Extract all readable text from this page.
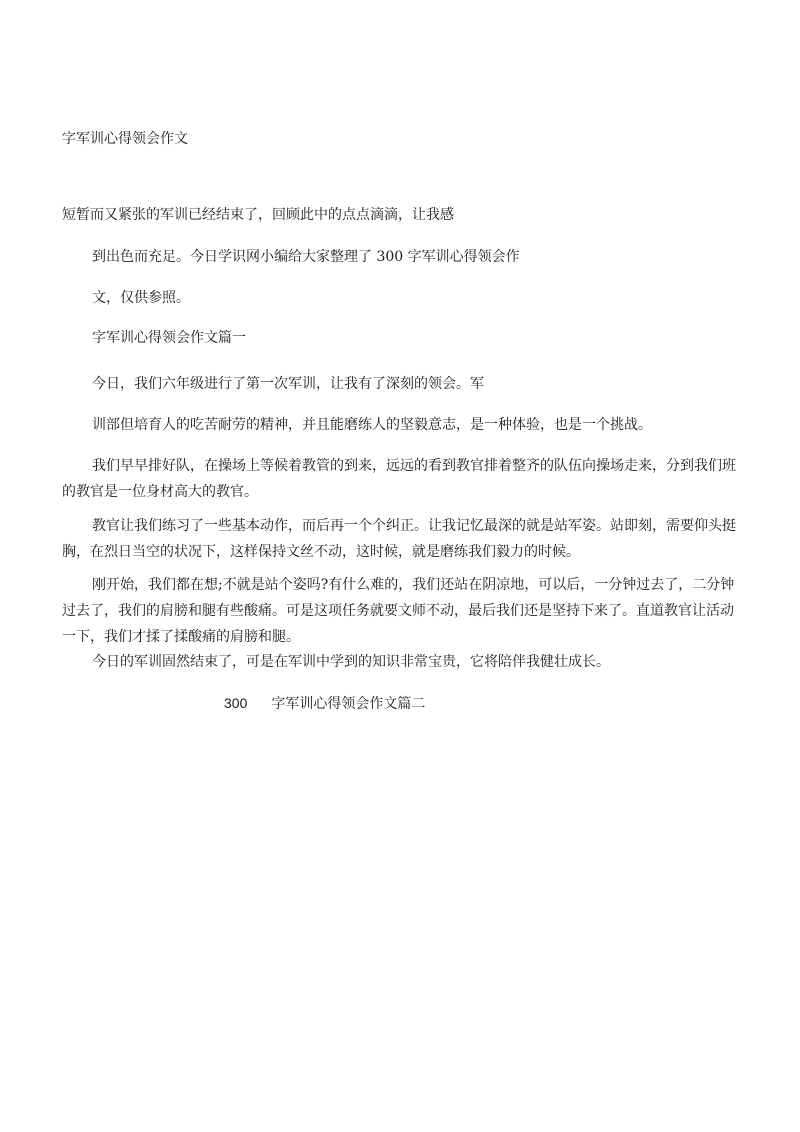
字军训心得领会作文
短暂而又紧张的军训已经结束了，回顾此中的点点滴滴，让我感
到出色而充足。今日学识网小编给大家整理了 300 字军训心得领会作
文，仅供参照。
字军训心得领会作文篇一
今日，我们六年级进行了第一次军训，让我有了深刻的领会。军
训部但培育人的吃苦耐劳的精神，并且能磨练人的坚毅意志，是一种体验，也是一个挑战。
我们早早排好队，在操场上等候着教管的到来，远远的看到教官排着整齐的队伍向操场走来，分到我们班的教官是一位身材高大的教官。
教官让我们练习了一些基本动作，而后再一个个纠正。让我记忆最深的就是站军姿。站即刻，需要仰头挺胸，在烈日当空的状况下，这样保持文丝不动，这时候，就是磨练我们毅力的时候。
刚开始，我们都在想;不就是站个姿吗?有什么难的，我们还站在阴凉地，可以后，一分钟过去了，二分钟过去了，我们的肩膀和腿有些酸痛。可是这项任务就要文师不动，最后我们还是坚持下来了。直道教官让活动一下，我们才揉了揉酸痛的肩膀和腿。
今日的军训固然结束了，可是在军训中学到的知识非常宝贵，它将陪伴我健壮成长。
300 字军训心得领会作文篇二
